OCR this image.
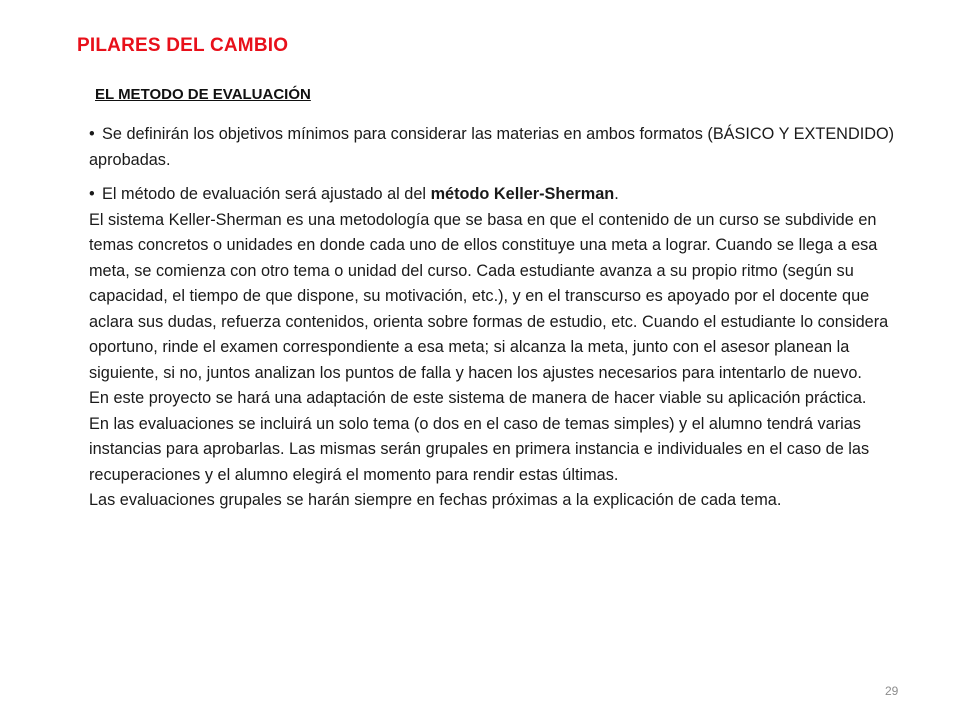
PILARES DEL CAMBIO
EL METODO DE EVALUACIÓN

• Se definirán los objetivos mínimos para considerar las materias en ambos formatos (BÁSICO Y EXTENDIDO) aprobadas.

• El método de evaluación será ajustado al del método Keller-Sherman.
El sistema Keller-Sherman es una metodología que se basa en que el contenido de un curso se subdivide en temas concretos o unidades en donde cada uno de ellos constituye una meta a lograr. Cuando se llega a esa meta, se comienza con otro tema o unidad del curso. Cada estudiante avanza a su propio ritmo (según su capacidad, el tiempo de que dispone, su motivación, etc.), y en el transcurso es apoyado por el docente que aclara sus dudas, refuerza contenidos, orienta sobre formas de estudio, etc. Cuando el estudiante lo considera oportuno, rinde el examen correspondiente a esa meta; si alcanza la meta, junto con el asesor planean la siguiente, si no, juntos analizan los puntos de falla y hacen los ajustes necesarios para intentarlo de nuevo.
En este proyecto se hará una adaptación de este sistema de manera de hacer viable su aplicación práctica.
En las evaluaciones se incluirá un solo tema (o dos en el caso de temas simples) y el alumno tendrá varias instancias para aprobarlas. Las mismas serán grupales en primera instancia e individuales en el caso de las recuperaciones y el alumno elegirá el momento para rendir estas últimas.
Las evaluaciones grupales se harán siempre en fechas próximas a la explicación de cada tema.
29
